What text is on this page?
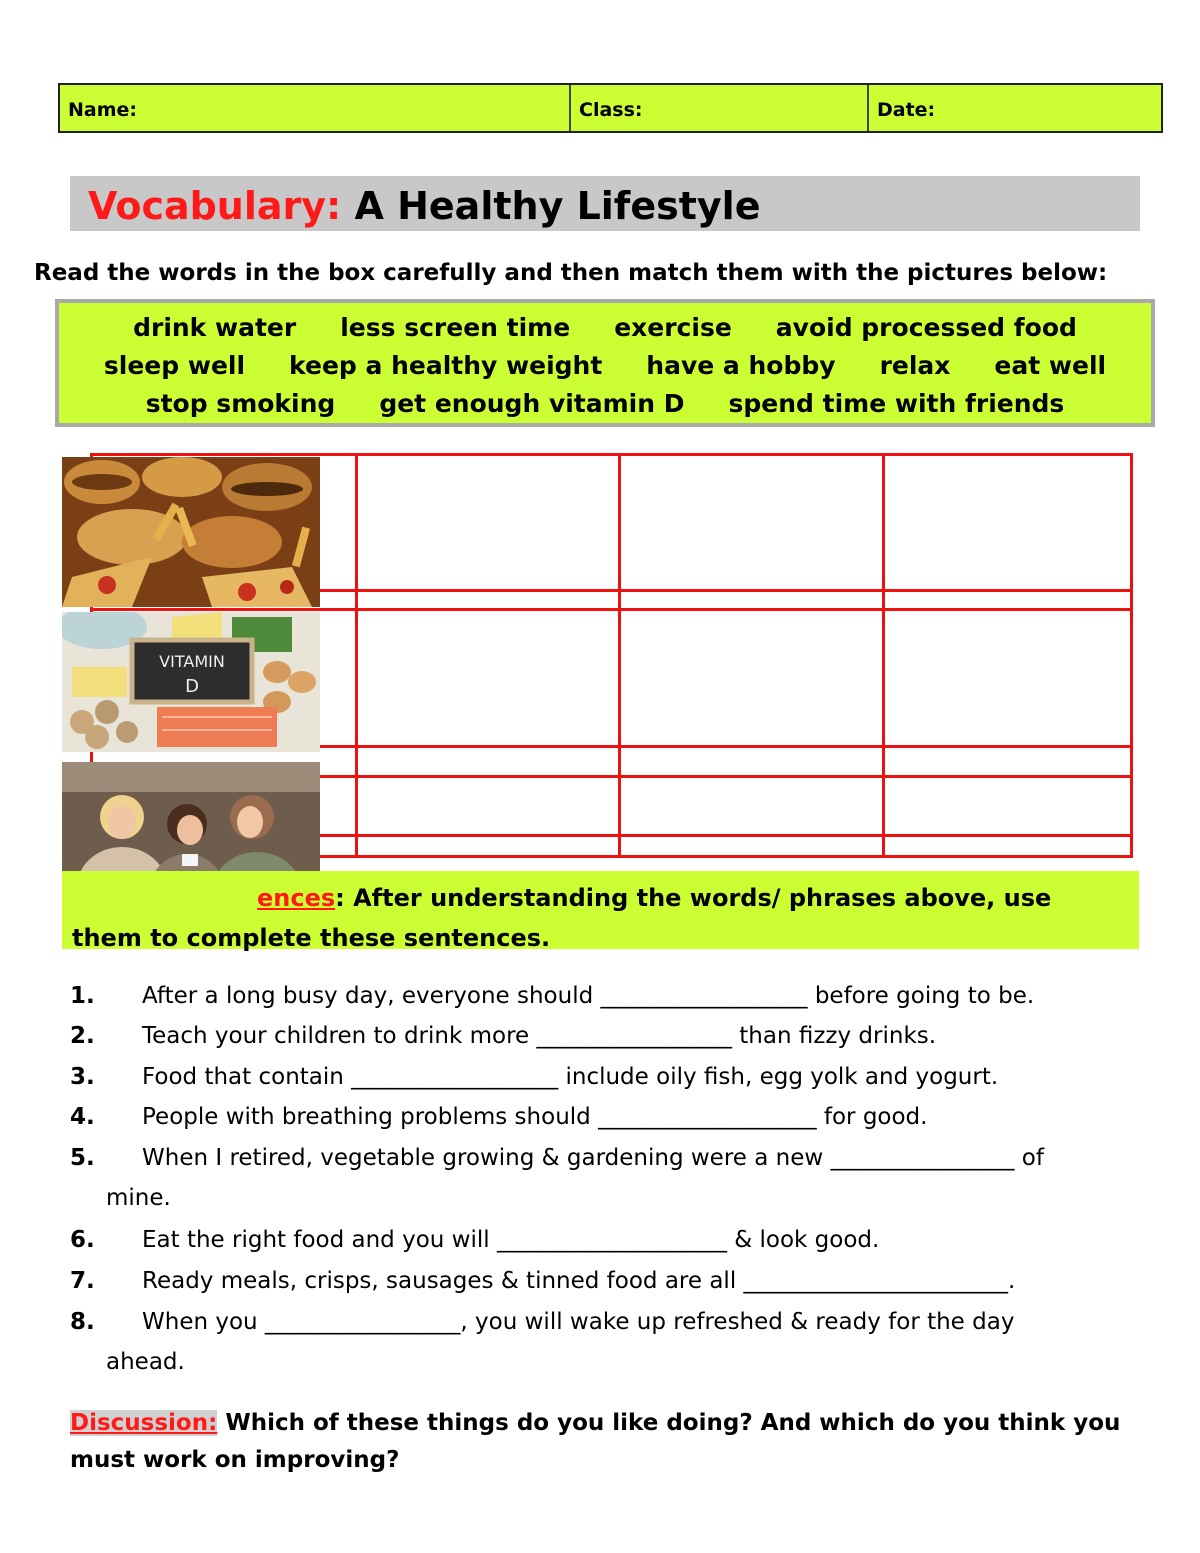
Name:	Class:	Date:
Vocabulary: A Healthy Lifestyle
Read the words in the box carefully and then match them with the pictures below:
drink water less screen time exercise avoid processed food
sleep well keep a healthy weight have a hobby relax eat well
stop smoking get enough vitamin D spend time with friends
VITAMIN
D
ences: After understanding the words/ phrases above, use
them to complete these sentences.
1. After a long busy day, everyone should __________________ before going to be.
2. Teach your children to drink more _________________ than fizzy drinks.
3. Food that contain __________________ include oily fish, egg yolk and yogurt.
4. People with breathing problems should ___________________ for good.
5. When I retired, vegetable growing & gardening were a new ________________ of
mine.
6. Eat the right food and you will ____________________ & look good.
7. Ready meals, crisps, sausages & tinned food are all _______________________.
8. When you _________________, you will wake up refreshed & ready for the day
ahead.
Discussion: Which of these things do you like doing? And which do you think you must work on improving?
